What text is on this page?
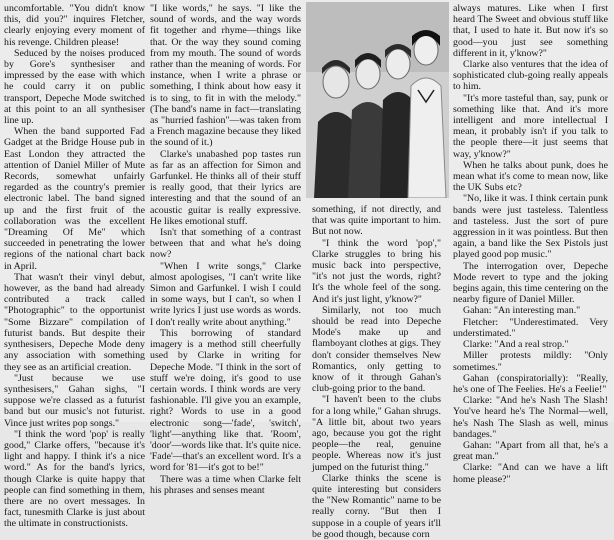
uncomfortable. "You didn't know this, did you?" inquires Fletcher, clearly enjoying every moment of his revenge. Children please!

Seduced by the noises produced by Gore's synthesiser and impressed by the ease with which he could carry it on public transport, Depeche Mode switched at this point to an all synthesiser line up.

When the band supported Fad Gadget at the Bridge House pub in East London they attracted the attention of Daniel Miller of Mute Records, somewhat unfairly regarded as the country's premier electronic label. The band signed up and the first fruit of the collaboration was the excellent "Dreaming Of Me" which succeeded in penetrating the lower regions of the national chart back in April.

That wasn't their vinyl debut, however, as the band had already contributed a track called "Photographic" to the opportunist "Some Bizzare" compilation of futurist bands. But despite their synthesisers, Depeche Mode deny any association with something they see as an artificial creation.

"Just because we use synthesisers," Gahan sighs, "I suppose we're classed as a futurist band but our music's not futurist. Vince just writes pop songs."

"I think the word 'pop' is really good," Clarke offers, "because it's light and happy. I think it's a nice word." As for the band's lyrics, though Clarke is quite happy that people can find something in them, there are no overt messages. In fact, tunesmith Clarke is just about the ultimate in constructionists.

"I like words," he says. "I like the sound of words, and the way words fit together and rhyme—things like that. Or the way they sound coming from my mouth. The sound of words rather than the meaning of words. For instance, when I write a phrase or something, I think about how easy it is to sing, to fit in with the melody." (The band's name in fact—translating as "hurried fashion"—was taken from a French magazine because they liked the sound of it.)

Clarke's unabashed pop tastes run as far as an affection for Simon and Garfunkel. He thinks all of their stuff is really good, that their lyrics are interesting and that the sound of an acoustic guitar is really expressive. He likes emotional stuff.

Isn't that something of a contrast between that and what he's doing now?

"When I write songs," Clarke almost apologises, "I can't write like Simon and Garfunkel. I wish I could in some ways, but I can't, so when I write lyrics I just use words as words. I don't really write about anything."

This borrowing of standard imagery is a method still cheerfully used by Clarke in writing for Depeche Mode. "I think in the sort of stuff we're doing, it's good to use certain words. I think words are very fashionable. I'll give you an example, right? Words to use in a good electronic song—'fade', 'switch', 'light'—anything like that. 'Room', 'door'—words like that. It's quite nice. 'Fade'—that's an excellent word. It's a word for '81—it's got to be!"

There was a time when Clarke felt his phrases and senses meant

something, if not directly, and that was quite important to him. But not now.

"I think the word 'pop'," Clarke struggles to bring his music back into perspective, "it's not just the words, right? It's the whole feel of the song. And it's just light, y'know?"

Similarly, not too much should be read into Depeche Mode's make up and flamboyant clothes at gigs. They don't consider themselves New Romantics, only getting to know of it through Gahan's club-going prior to the band.

"I haven't been to the clubs for a long while," Gahan shrugs. "A little bit, about two years ago, because you got the right people—the real, genuine people. Whereas now it's just jumped on the futurist thing."

Clarke thinks the scene is quite interesting but considers the "New Romantic" name to be really corny. "But then I suppose in a couple of years it'll be good though, because corn

always matures. Like when I first heard The Sweet and obvious stuff like that, I used to hate it. But now it's so good—you just see something different in it, y'know?"

Clarke also ventures that the idea of sophisticated club-going really appeals to him.

"It's more tasteful than, say, punk or something like that. And it's more intelligent and more intellectual I mean, it probably isn't if you talk to the people there—it just seems that way, y'know?"

When he talks about punk, does he mean what it's come to mean now, like the UK Subs etc?

"No, like it was. I think certain punk bands were just tasteless. Talentless and tasteless. Just the sort of pure aggression in it was pointless. But then again, a band like the Sex Pistols just played good pop music."

The interrogation over, Depeche Mode revert to type and the joking begins again, this time centering on the nearby figure of Daniel Miller.

Gahan: "An interesting man."

Fletcher: "Underestimated. Very understimated."

Clarke: "And a real strop."

Miller protests mildly: "Only sometimes."

Gahan (conspiratorially): "Really, he's one of The Feelies. He's a Feelie!"

Clarke: "And he's Nash The Slash! You've heard he's The Normal—well, he's Nash The Slash as well, minus bandages."

Gahan: "Apart from all that, he's a great man."

Clarke: "And can we have a lift home please?"
